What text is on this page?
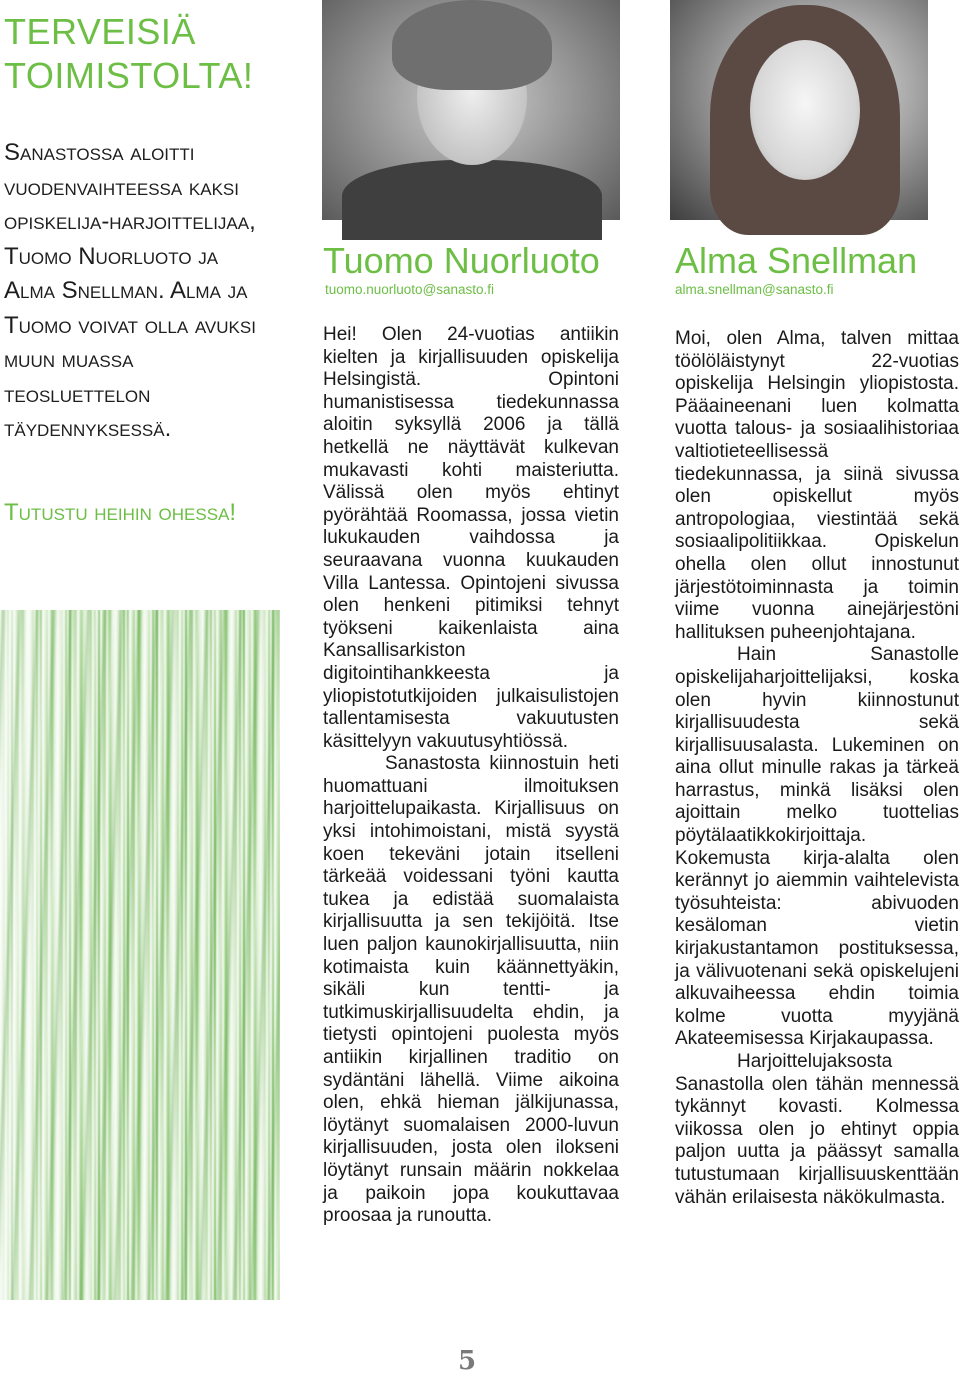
TERVEISIÄ TOIMISTOLTA!
Sanastossa aloitti vuodenvaihteessa kaksi opiskelija-harjoittelijaa, Tuomo Nuorluoto ja Alma Snellman. Alma ja Tuomo voivat olla avuksi muun muassa teosluettelon täydennyksessä.
Tutustu heihin ohessa!
Tuomo Nuorluoto
tuomo.nuorluoto@sanasto.fi

Hei! Olen 24-vuotias antiikin kielten ja kirjallisuuden opiskelija Helsingistä. Opintoni humanistisessa tiedekunnassa aloitin syksyllä 2006 ja tällä hetkellä ne näyttävät kulkevan mukavasti kohti maisteriutta. Välissä olen myös ehtinyt pyörähtää Roomassa, jossa vietin lukukauden vaihdossa ja seuraavana vuonna kuukauden Villa Lantessa. Opintojeni sivussa olen henkeni pitimiksi tehnyt työkseni kaikenlaista aina Kansallisarkiston digitointihankkeesta ja yliopistotutkijoiden julkaisulistojen tallentamisesta vakuutusten käsittelyyn vakuutusyhtiössä.

Sanastosta kiinnostuin heti huomattuani ilmoituksen harjoittelupaikasta. Kirjallisuus on yksi intohimoistani, mistä syystä koen tekeväni jotain itselleni tärkeää voidessani työni kautta tukea ja edistää suomalaista kirjallisuutta ja sen tekijöitä. Itse luen paljon kaunokirjallisuutta, niin kotimaista kuin käännettyäkin, sikäli kun tentti- ja tutkimuskirjallisuudelta ehdin, ja tietysti opintojeni puolesta myös antiikin kirjallinen traditio on sydäntäni lähellä. Viime aikoina olen, ehkä hieman jälkijunassa, löytänyt suomalaisen 2000-luvun kirjallisuuden, josta olen ilokseni löytänyt runsain määrin nokkelaa ja paikoin jopa koukuttavaa proosaa ja runoutta.

Alma Snellman
alma.snellman@sanasto.fi

Moi, olen Alma, talven mittaa töölöläistynyt 22-vuotias opiskelija Helsingin yliopistosta. Pääaineenani luen kolmatta vuotta talous- ja sosiaalihistoriaa valtiotieteellisessä tiedekunnassa, ja siinä sivussa olen opiskellut myös antropologiaa, viestintää sekä sosiaalipolitiikkaa. Opiskelun ohella olen ollut innostunut järjestötoiminnasta ja toimin viime vuonna ainejärjestöni hallituksen puheenjohtajana.

Hain Sanastolle opiskelijaharjoittelijaksi, koska olen hyvin kiinnostunut kirjallisuudesta sekä kirjallisuusalasta. Lukeminen on aina ollut minulle rakas ja tärkeä harrastus, minkä lisäksi olen ajoittain melko tuottelias pöytälaatikkokirjoittaja. Kokemusta kirja-alalta olen kerännyt jo aiemmin vaihtelevista työsuhteista: abivuoden kesäloman vietin kirjakustantamon postituksessa, ja välivuotenani sekä opiskelujeni alkuvaiheessa ehdin toimia kolme vuotta myyjänä Akateemisessa Kirjakaupassa.

Harjoittelujaksosta Sanastolla olen tähän mennessä tykännyt kovasti. Kolmessa viikossa olen jo ehtinyt oppia paljon uutta ja päässyt samalla tutustumaan kirjallisuuskenttään vähän erilaisesta näkökulmasta.

5
